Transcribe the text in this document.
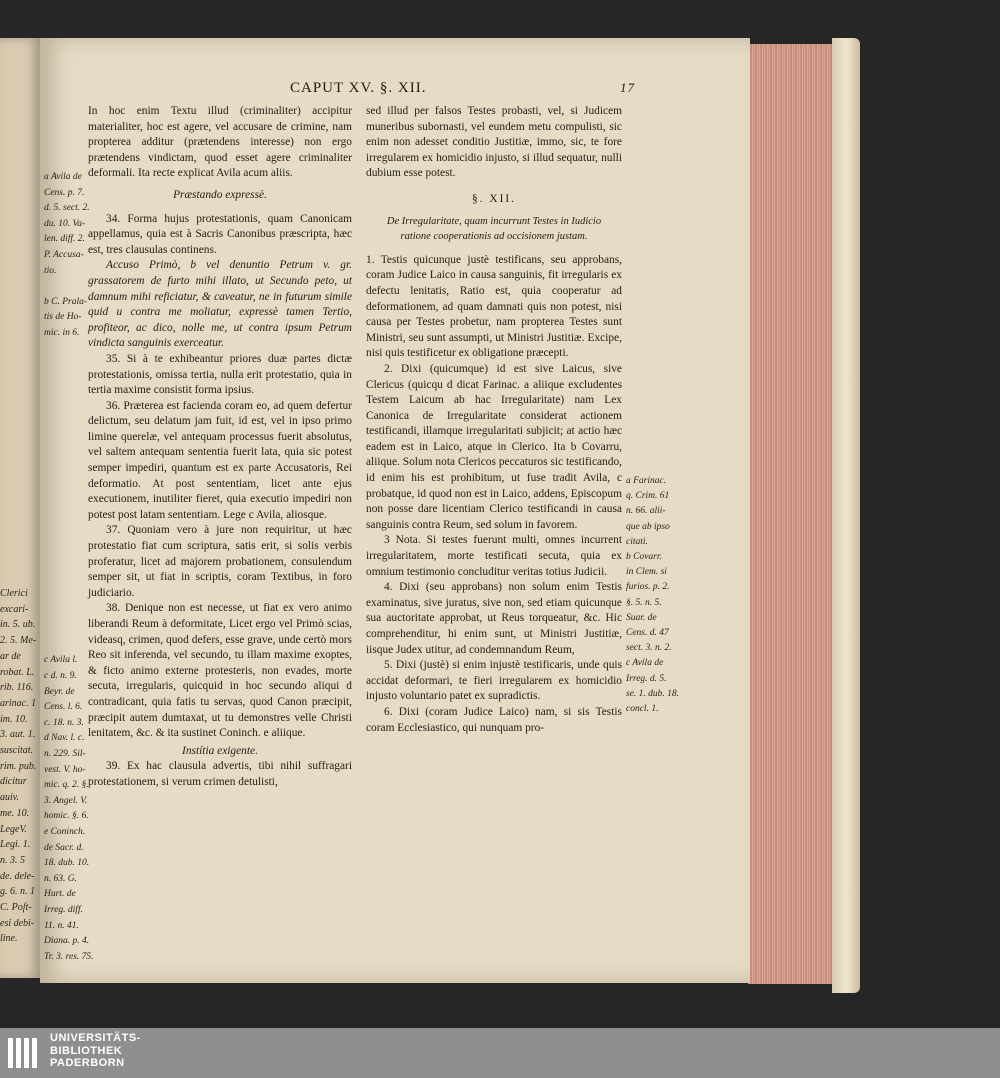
Clerici
excari-
in. 5. ub.
2. 5. Me-
ar de
robat. L.
rib. 116.
arinac. 1
im. 10.
3. aut. 1.
suscitat.
rim. pub.
dicitur
auiv.
me. 10.
LegeV.
Legi. 1.
n. 3. 5
de. dele-
g. 6. n. 1
C. Poſt-
esi debi-
line.
CAPUT XV. §. XII.	17
a Avila de
Cens. p. 7.
d. 5. sect. 2.
du. 10. Va-
len. diff. 2.
P. Accusa-
tio.

b C. Prala-
tis de Ho-
mic. in 6.

c Avila l.
c d. n. 9.
Beyr. de
Cens. l. 6.
c. 18. n. 3.
d Nav. l. c.
n. 229. Sil-
vest. V. ho-
mic. q. 2. §.
3. Angel. V.
homic. §. 6.
e Coninch.
de Sacr. d.
18. dub. 10.
n. 63. G.
Hurt. de
Irreg. diff.
11. n. 41.
Diana. p. 4.
Tr. 3. res. 75.

In hoc enim Textu illud (criminaliter) accipitur materialiter, hoc est agere, vel accusare de crimine, nam propterea additur (prætendens interesse) non ergo prætendens vindictam, quod esset agere criminaliter deformali. Ita recte explicat Avila acum aliis.

Præstando expressè.

34. Forma hujus protestationis, quam Canonicam appellamus, quia est à Sacris Canonibus præscripta, hæc est, tres clausulas continens.

Accuso Primò, b vel denuntio Petrum v. gr. grassatorem de furto mihi illato, ut Secundo peto, ut damnum mihi reficiatur, & caveatur, ne in futurum simile quid u contra me moliatur, expressè tamen Tertio, profiteor, ac dico, nolle me, ut contra ipsum Petrum vindicta sanguinis exerceatur.

35. Si à te exhibeantur priores duæ partes dictæ protestationis, omissa tertia, nulla erit protestatio, quia in tertia maxime consistit forma ipsius.

36. Præterea est facienda coram eo, ad quem defertur delictum, seu delatum jam fuit, id est, vel in ipso primo limine querelæ, vel antequam processus fuerit absolutus, vel saltem antequam sententia fuerit lata, quia sic potest semper impediri, quantum est ex parte Accusatoris, Rei deformatio. At post sententiam, licet ante ejus executionem, inutiliter fieret, quia executio impediri non potest post latam sententiam. Lege c Avila, aliosque.

37. Quoniam vero à jure non requiritur, ut hæc protestatio fiat cum scriptura, satis erit, si solis verbis proferatur, licet ad majorem probationem, consulendum semper sit, ut fiat in scriptis, coram Textibus, in foro judiciario.

38. Denique non est necesse, ut fiat ex vero animo liberandi Reum à deformitate, Licet ergo vel Primò scias, videasq, crimen, quod defers, esse grave, unde certò mors Reo sit inferenda, vel secundo, tu illam maxime exoptes, & ficto animo externe protesteris, non evades, morte secuta, irregularis, quicquid in hoc secundo aliqui d contradicant, quia fatis tu servas, quod Canon præcipit, præcipit autem dumtaxat, ut tu demonstres velle Christi lenitatem, &c. & ita sustinet Coninch. e aliique.

Instítia exigente.

39. Ex hac clausula advertis, tibi nihil suffragari protestationem, si verum crimen detulisti,

sed illud per falsos Testes probasti, vel, si Judicem muneribus subornasti, vel eundem metu compulisti, sic enim non adesset conditio Justitiæ, immo, sic, te fore irregularem ex homicidio injusto, si illud sequatur, nulli dubium esse potest.

§. XII.

De Irregularitate, quam incurrunt Testes in Iudicio ratione cooperationis ad occisionem justam.

1. Testis quicunque justè testificans, seu approbans, coram Judice Laico in causa sanguinis, fit irregularis ex defectu lenitatis, Ratio est, quia cooperatur ad deformationem, ad quam damnati quis non potest, nisi causa per Testes probetur, nam propterea Testes sunt Ministri, seu sunt assumpti, ut Ministri Justitiæ. Excipe, nisi quis testificetur ex obligatione præcepti.

2. Dixi (quicumque) id est sive Laicus, sive Clericus (quicqu d dicat Farinac. a aliique excludentes Testem Laicum ab hac Irregularitate) nam Lex Canonica de Irregularitate considerat actionem testificandi, illamque irregularitati subjicit; at actio hæc eadem est in Laico, atque in Clerico. Ita b Covarru, aliique. Solum nota Clericos peccaturos sic testificando, id enim his est prohibitum, ut fuse tradit Avila, c probatque, id quod non est in Laico, addens, Episcopum non posse dare licentiam Clerico testificandi in causa sanguinis contra Reum, sed solum in favorem.

3 Nota. Si testes fuerunt multi, omnes incurrent irregularitatem, morte testificati secuta, quia ex omnium testimonio concluditur veritas totius Judicii.

4. Dixi (seu approbans) non solum enim Testis examinatus, sive juratus, sive non, sed etiam quicunque sua auctoritate approbat, ut Reus torqueatur, &c. Hic comprehenditur, hi enim sunt, ut Ministri Justitiæ, iisque Judex utitur, ad condemnandum Reum,

5. Dixi (justè) si enim injustè testificaris, unde quis accidat deformari, te fieri irregularem ex homicidio injusto voluntario patet ex supradictis.

6. Dixi (coram Judice Laico) nam, si sis Testis coram Ecclesiastico, qui nunquam pro-

a Farinac.
q. Crim. 61
n. 66. alii-
que ab ipso
citati.
b Covarr.
in Clem. si
furios. p. 2.
§. 5. n. 5.
Suar. de
Cens. d. 47
sect. 3. n. 2.
c Avila de
Irreg. d. 5.
se. 1. dub. 18.
concl. 1.
UNIVERSITÄTS-
BIBLIOTHEK
PADERBORN
